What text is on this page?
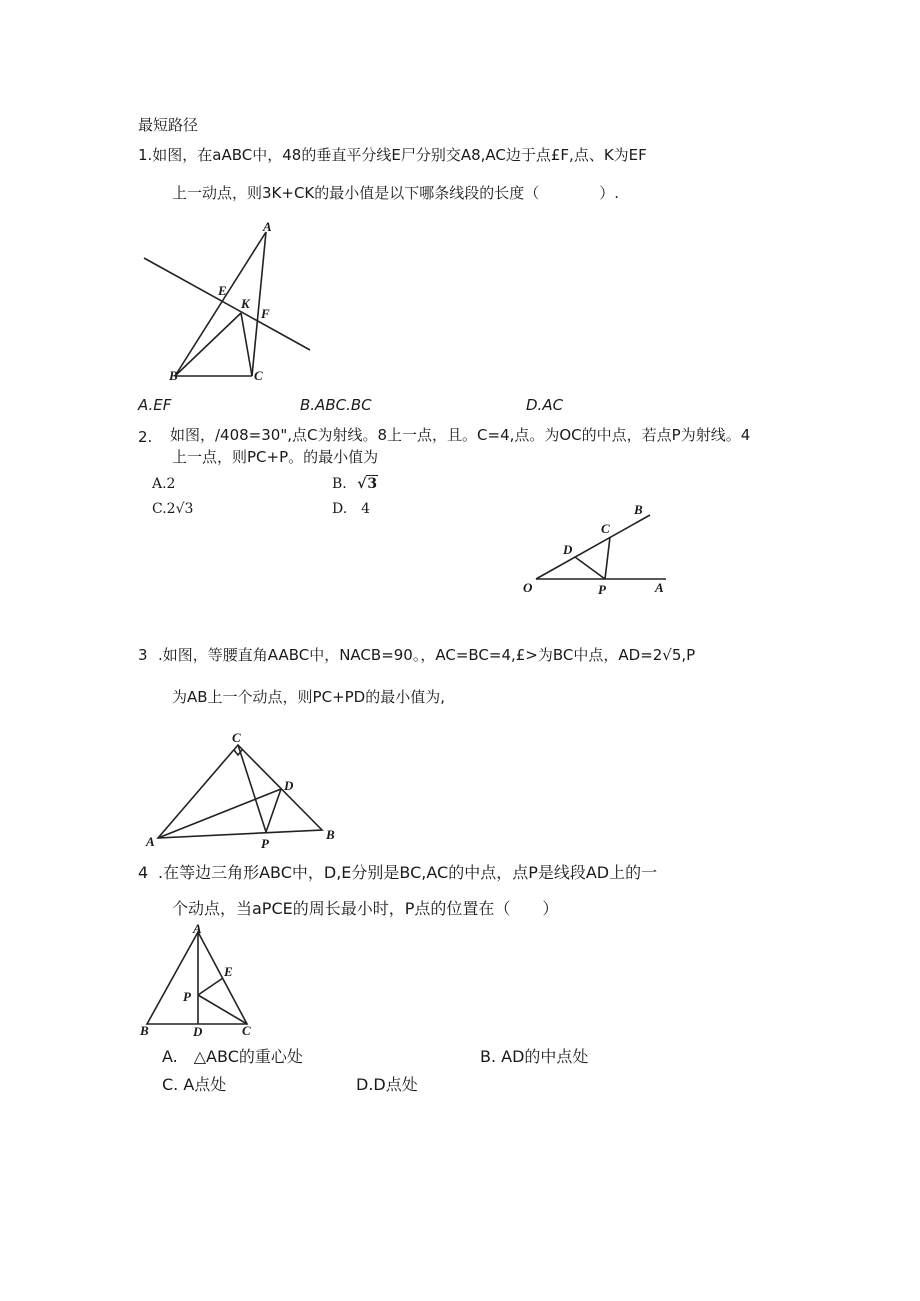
最短路径
1.如图，在aABC中，48的垂直平分线E尸分别交A8,AC边于点£F,点、K为EF
上一动点，则3K+CK的最小值是以下哪条线段的长度（　　　　）.
A
E
K
F
B	C
A.EF	B.ABC.BC	D.AC
2. 如图，/408=30",点C为射线。8上一点，且。C=4,点。为OC的中点，若点P为射线。4
上一点，则PC+P。的最小值为
A.2	B. √3
C.2√3	D.　4
O	A
B
C
D
P
3 .如图，等腰直角AABC中，NACB=90。，AC=BC=4,£>为BC中点，AD=2√5,P
为AB上一个动点，则PC+PD的最小值为,
A	B
C
D
P
4 .在等边三角形ABC中，D,E分别是BC,AC的中点，点P是线段AD上的一
个动点，当aPCE的周长最小时，P点的位置在（　　）
A
E
P
B	D	C
A.　△ABC的重心处	B. AD的中点处
C. A点处	D.D点处
